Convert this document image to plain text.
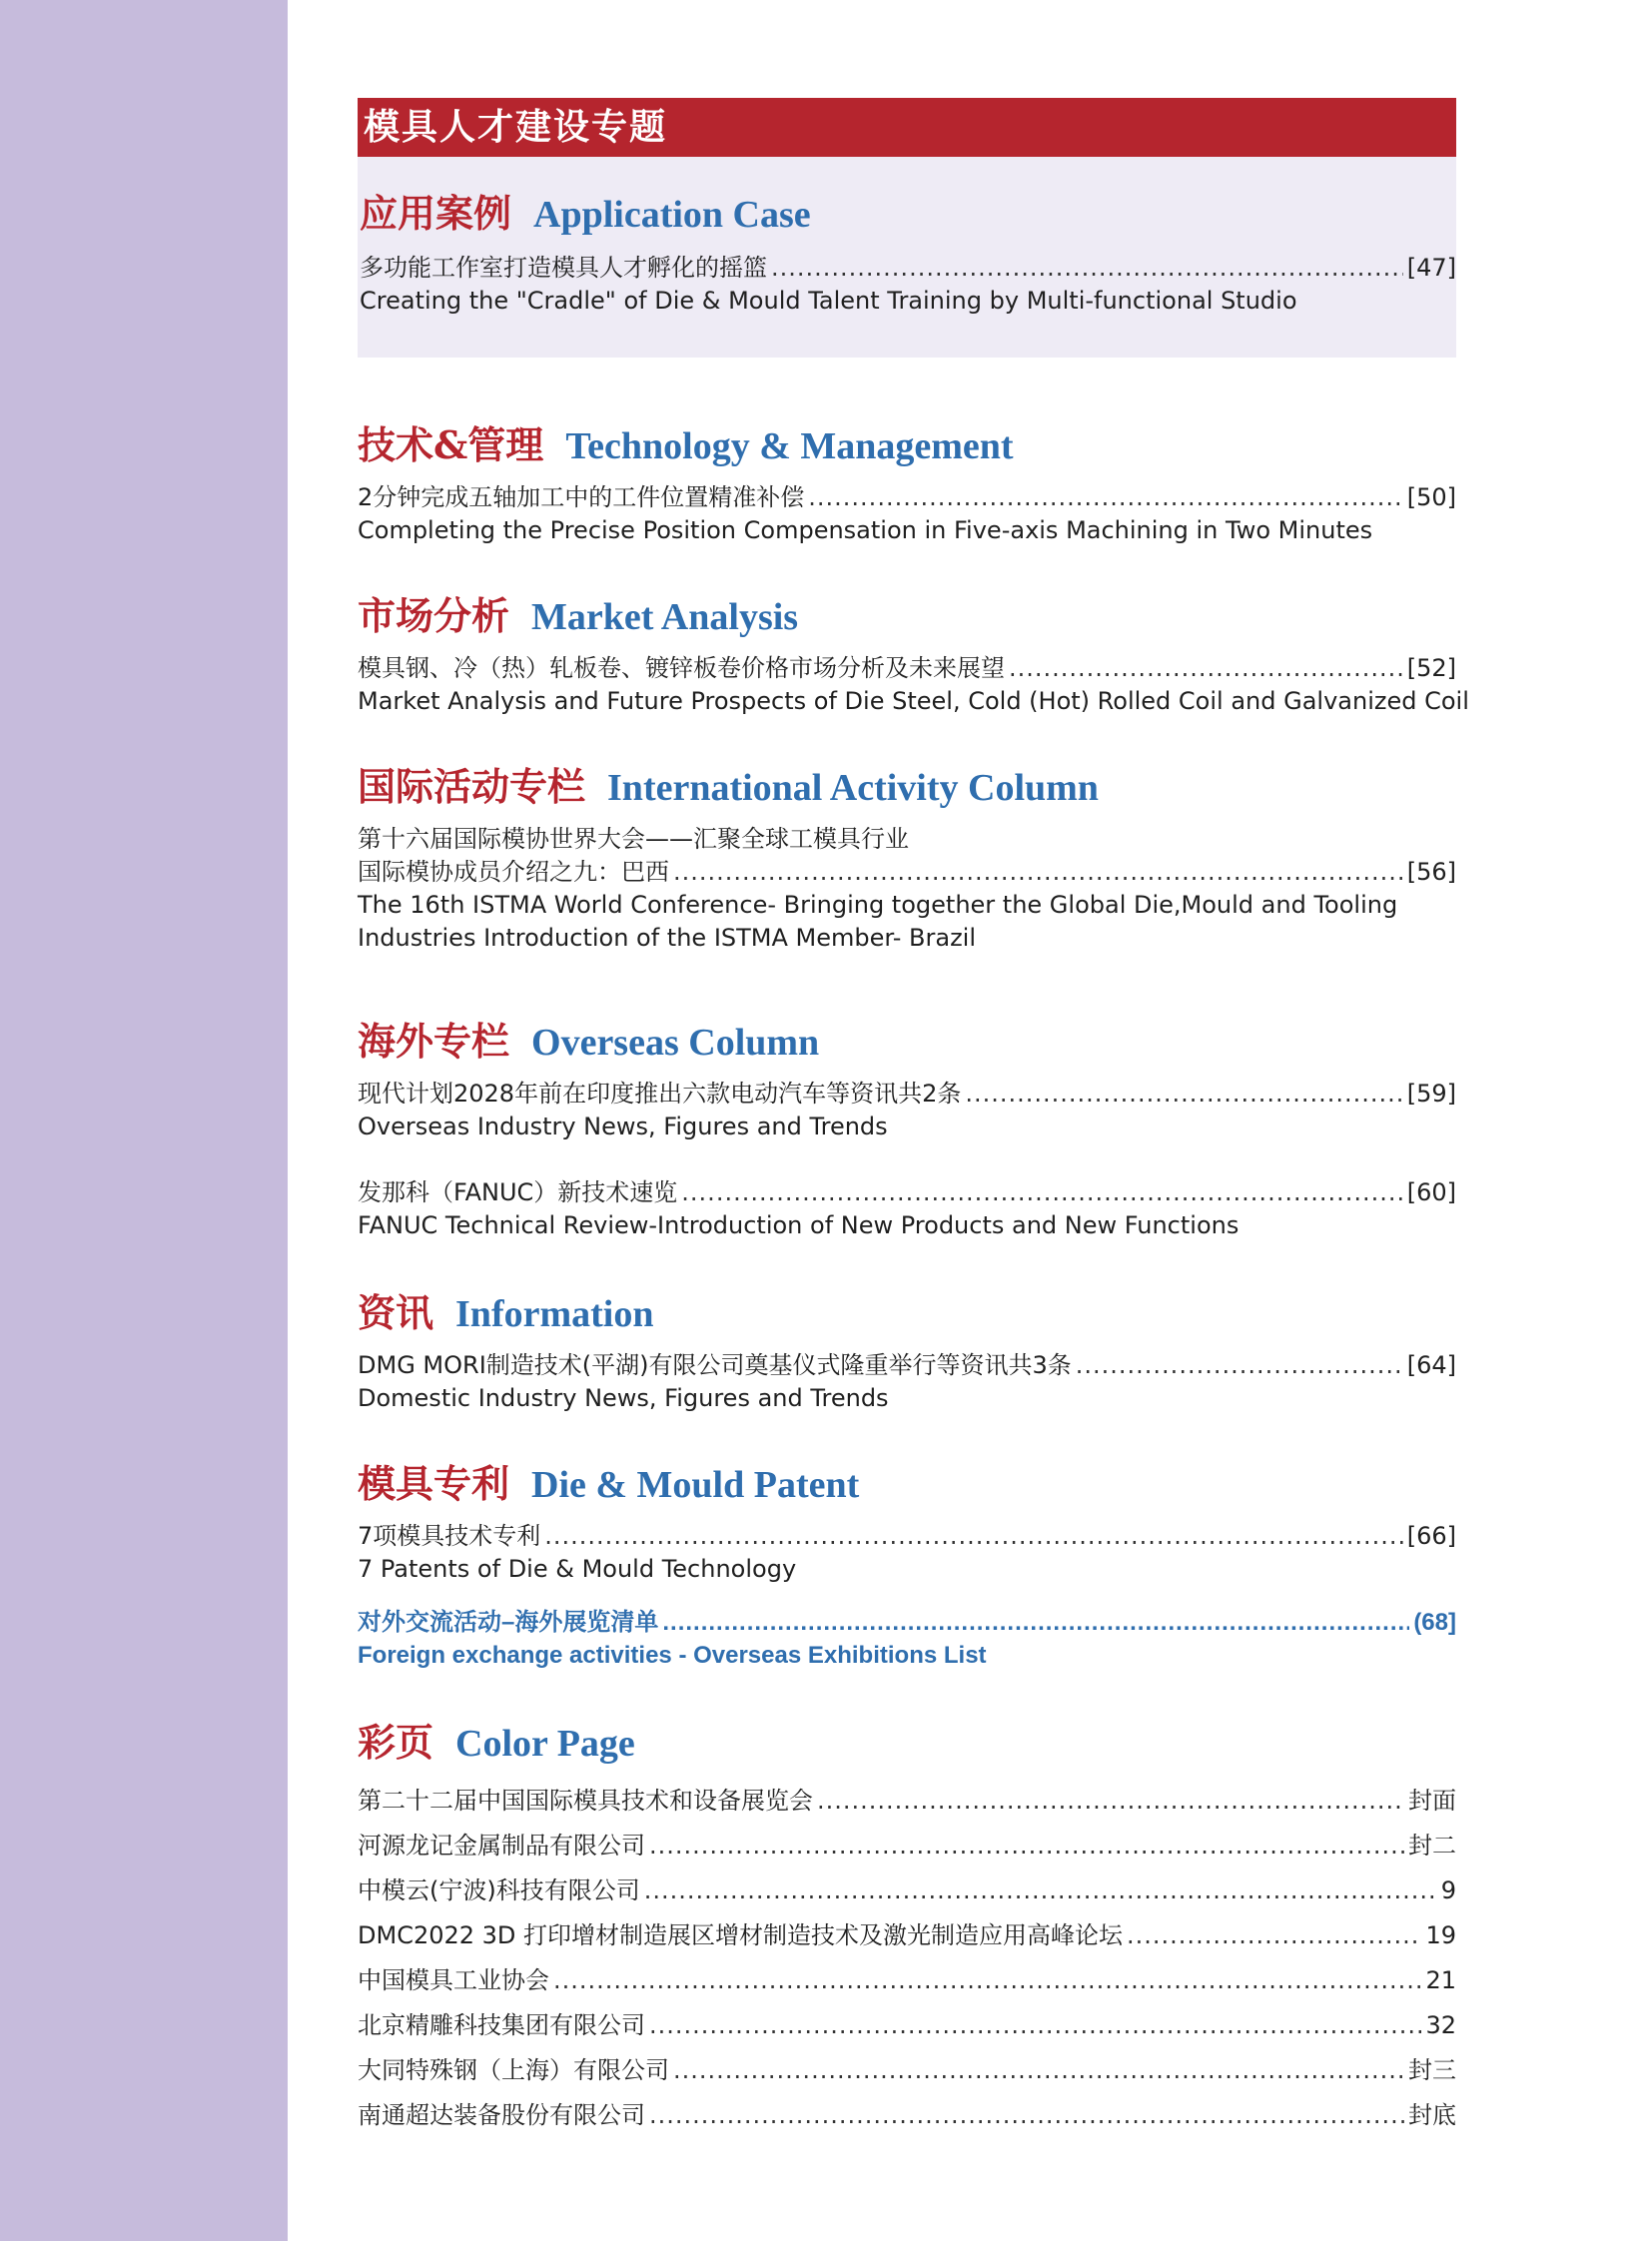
模具人才建设专题
应用案例 Application Case
多功能工作室打造模具人才孵化的摇篮 .....	[47]
Creating the "Cradle" of Die & Mould Talent Training by Multi-functional Studio
技术&管理 Technology & Management
2分钟完成五轴加工中的工件位置精准补偿 .....	[50]
Completing the Precise Position Compensation in Five-axis Machining in Two Minutes
市场分析 Market Analysis
模具钢、冷（热）轧板卷、镀锌板卷价格市场分析及未来展望 .....	[52]
Market Analysis and Future Prospects of Die Steel, Cold (Hot) Rolled Coil and Galvanized Coil
国际活动专栏 International Activity Column
第十六届国际模协世界大会——汇聚全球工模具行业
国际模协成员介绍之九：巴西 .....	[56]
The 16th ISTMA World Conference- Bringing together the Global Die,Mould and Tooling
Industries Introduction of the ISTMA Member- Brazil
海外专栏 Overseas Column
现代计划2028年前在印度推出六款电动汽车等资讯共2条 .....	[59]
Overseas Industry News, Figures and Trends
发那科（FANUC）新技术速览 .....	[60]
FANUC Technical Review-Introduction of New Products and New Functions
资讯 Information
DMG MORI制造技术(平湖)有限公司奠基仪式隆重举行等资讯共3条 .....	[64]
Domestic Industry News, Figures and Trends
模具专利 Die & Mould Patent
7项模具技术专利 .....	[66]
7 Patents of Die & Mould Technology
对外交流活动–海外展览清单 .....	(68]
Foreign exchange activities - Overseas Exhibitions List
彩页 Color Page
第二十二届中国国际模具技术和设备展览会 .....	封面
河源龙记金属制品有限公司 .....	封二
中模云(宁波)科技有限公司 .....	9
DMC2022 3D 打印增材制造展区增材制造技术及激光制造应用高峰论坛 .....	19
中国模具工业协会 .....	21
北京精雕科技集团有限公司 .....	32
大同特殊钢（上海）有限公司 .....	封三
南通超达装备股份有限公司 .....	封底
